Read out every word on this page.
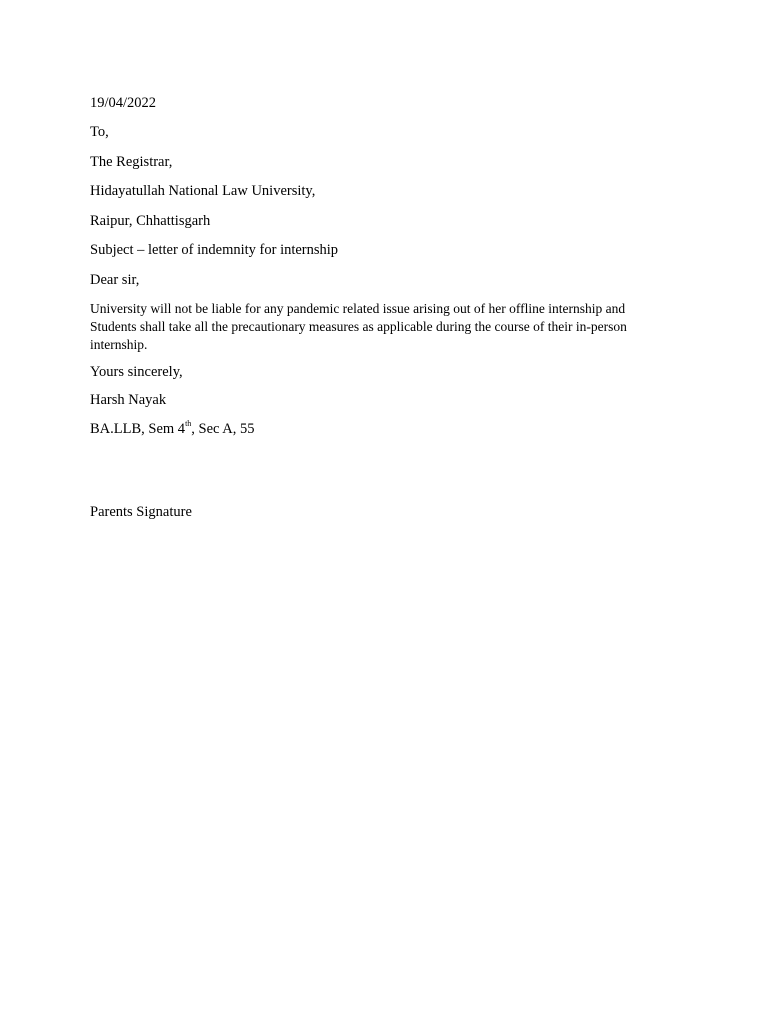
19/04/2022
To,
The Registrar,
Hidayatullah National Law University,
Raipur, Chhattisgarh
Subject – letter of indemnity for internship
Dear sir,
University will not be liable for any pandemic related issue arising out of her offline internship and
Students shall take all the precautionary measures as applicable during the course of their in-person
internship.
Yours sincerely,
Harsh Nayak
BA.LLB, Sem 4th, Sec A, 55
Parents Signature
